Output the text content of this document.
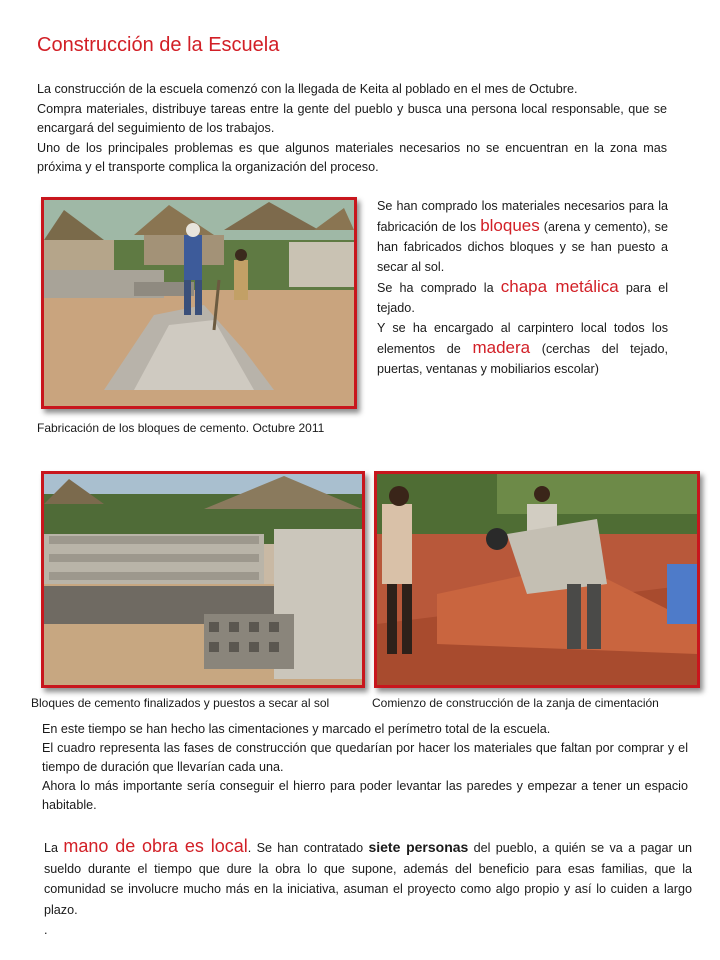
Construcción de la Escuela

La construcción de la escuela comenzó con la llegada de Keita al poblado en el mes de Octubre.

Compra materiales, distribuye tareas entre la gente del pueblo y busca una persona local responsable, que se encargará del seguimiento de los trabajos.

Uno de los principales problemas es que algunos materiales necesarios no se encuentran en la zona mas próxima y el transporte complica la organización del proceso.

Fabricación de los bloques de cemento. Octubre 2011

Se han comprado los materiales necesarios para la fabricación de los bloques (arena y cemento), se han fabricados dichos bloques y se han puesto a secar al sol.

Se ha comprado la chapa metálica para el tejado.

Y se ha encargado al carpintero local todos los elementos de madera (cerchas del tejado, puertas, ventanas y mobiliarios escolar)

Bloques de cemento finalizados y puestos a secar al sol	Comienzo de construcción de la zanja de cimentación

En este tiempo se han hecho las cimentaciones y marcado el perímetro total de la escuela.

El cuadro representa las fases de construcción que quedarían por hacer los materiales que faltan por comprar y el tiempo de duración que llevarían cada una.

Ahora lo más importante sería conseguir el hierro para poder levantar las paredes y empezar a tener un espacio habitable.

La mano de obra es local. Se han contratado siete personas del pueblo, a quién se va a pagar un sueldo durante el tiempo que dure la obra lo que supone, además del beneficio para esas familias, que la comunidad se involucre mucho más en la iniciativa, asuman el proyecto como algo propio y así lo cuiden a largo plazo.

.
